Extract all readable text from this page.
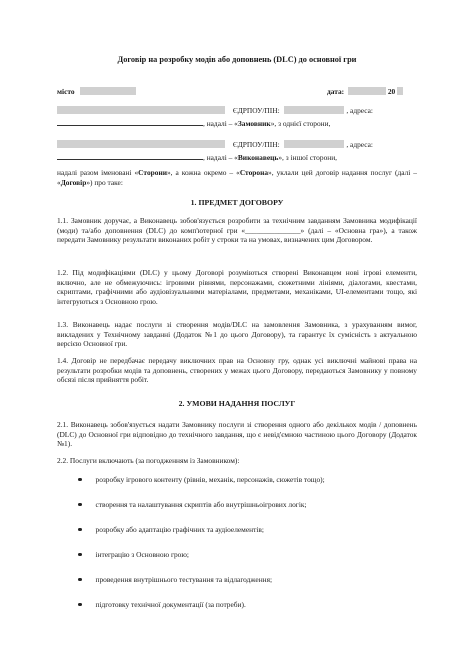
Договір на розробку модів або доповнень (DLC) до основної гри
місто	дата:	20
ЄДРПОУ/ПІН:	, адреса:
, надалі – «Замовник», з однієї сторони,
ЄДРПОУ/ПІН:	, адреса:
, надалі – «Виконавець», з іншої сторони,
надалі разом іменовані «Сторони», а кожна окремо – «Сторона», уклали цей договір надання послуг (далі – «Договір») про таке:
1. ПРЕДМЕТ ДОГОВОРУ
1.1. Замовник доручає, а Виконавець зобов'язується розробити за технічним завданням Замовника модифікації (моди) та/або доповнення (DLC) до комп'ютерної гри «_______________» (далі – «Основна гра»), а також передати Замовнику результати виконаних робіт у строки та на умовах, визначених цим Договором.
1.2. Під модифікаціями (DLC) у цьому Договорі розуміються створені Виконавцем нові ігрові елементи, включно, але не обмежуючись: ігровими рівнями, персонажами, сюжетними лініями, діалогами, квестами, скриптами, графічними або аудіовізуальними матеріалами, предметами, механіками, UI-елементами тощо, які інтегруються з Основною грою.
1.3. Виконавець надає послуги зі створення модів/DLC на замовлення Замовника, з урахуванням вимог, викладених у Технічному завданні (Додаток №1 до цього Договору), та гарантує їх сумісність з актуальною версією Основної гри.
1.4. Договір не передбачає передачу виключних прав на Основну гру, однак усі виключні майнові права на результати розробки модів та доповнень, створених у межах цього Договору, передаються Замовнику у повному обсязі після прийняття робіт.
2. УМОВИ НАДАННЯ ПОСЛУГ
2.1. Виконавець зобов'язується надати Замовнику послуги зі створення одного або декількох модів / доповнень (DLC) до Основної гри відповідно до технічного завдання, що є невід'ємною частиною цього Договору (Додаток №1).
2.2. Послуги включають (за погодженням із Замовником):
розробку ігрового контенту (рівнів, механік, персонажів, сюжетів тощо);
створення та налаштування скриптів або внутрішньоігрових логік;
розробку або адаптацію графічних та аудіоелементів;
інтеграцію з Основною грою;
проведення внутрішнього тестування та відлагодження;
підготовку технічної документації (за потреби).
